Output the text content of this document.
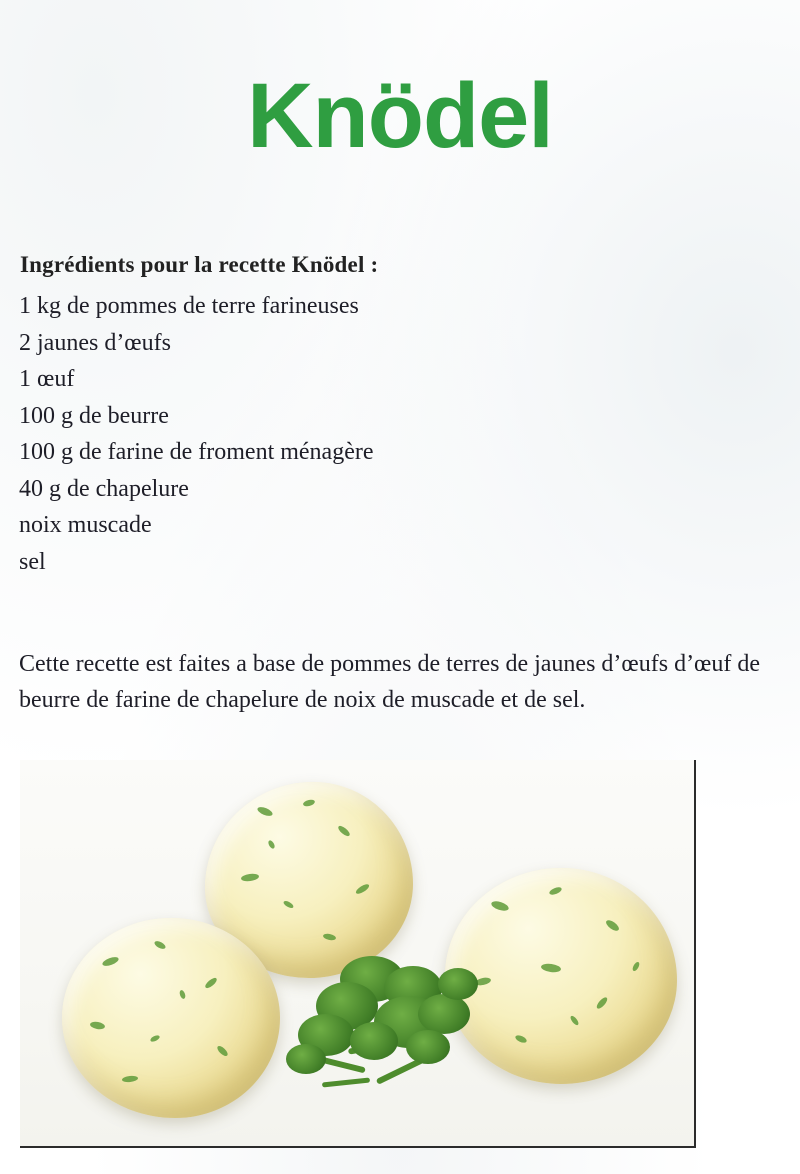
Knödel
Ingrédients pour la recette Knödel :
1 kg de pommes de terre farineuses
2 jaunes d’œufs
1 œuf
100 g de beurre
100 g de farine de froment ménagère
40 g de chapelure
noix muscade
sel

Cette recette est faites a base de pommes de terres de jaunes d’œufs d’œuf de beurre de farine de chapelure de noix de muscade et de sel.
